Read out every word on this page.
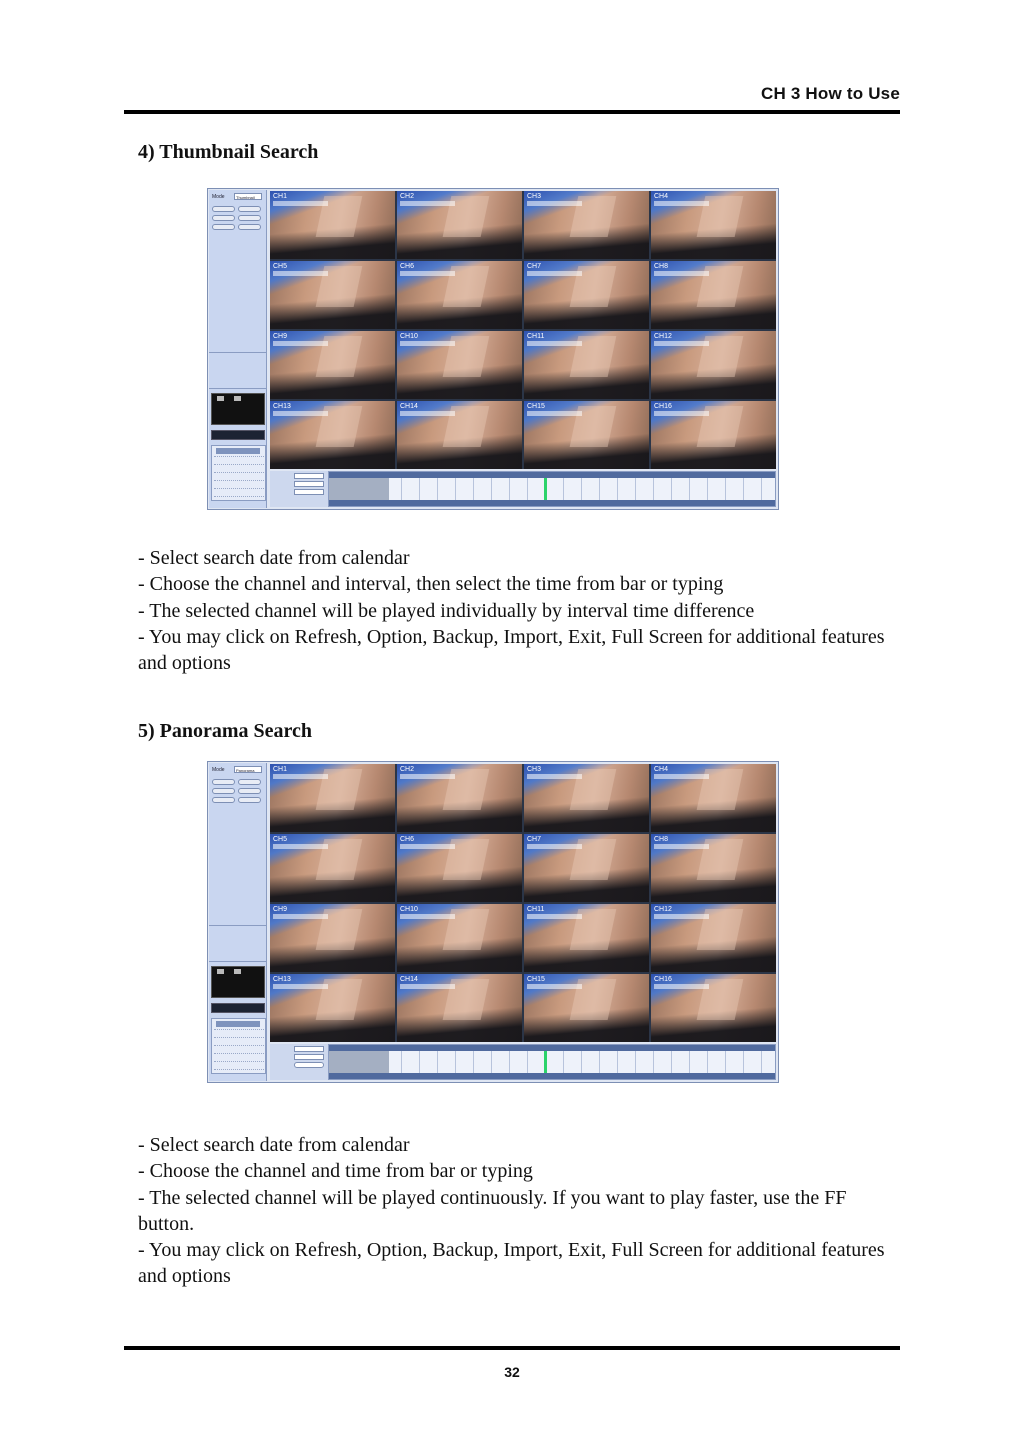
CH 3 How to Use
4) Thumbnail Search
Mode	Thumbnail	CH1	CH2	CH3	CH4
CH5	CH6	CH7	CH8
CH9	CH10	CH11	CH12
CH13	CH14	CH15	CH16
- Select search date from calendar
- Choose the channel and interval, then select the time from bar or typing
- The selected channel will be played individually by interval time difference
- You may click on Refresh, Option, Backup, Import, Exit, Full Screen for additional features and options
5) Panorama Search
Mode	Panorama	CH1	CH2	CH3	CH4
CH5	CH6	CH7	CH8
CH9	CH10	CH11	CH12
CH13	CH14	CH15	CH16
- Select search date from calendar
- Choose the channel and time from bar or typing
- The selected channel will be played continuously. If you want to play faster, use the FF button.
- You may click on Refresh, Option, Backup, Import, Exit, Full Screen for additional features and options
32
